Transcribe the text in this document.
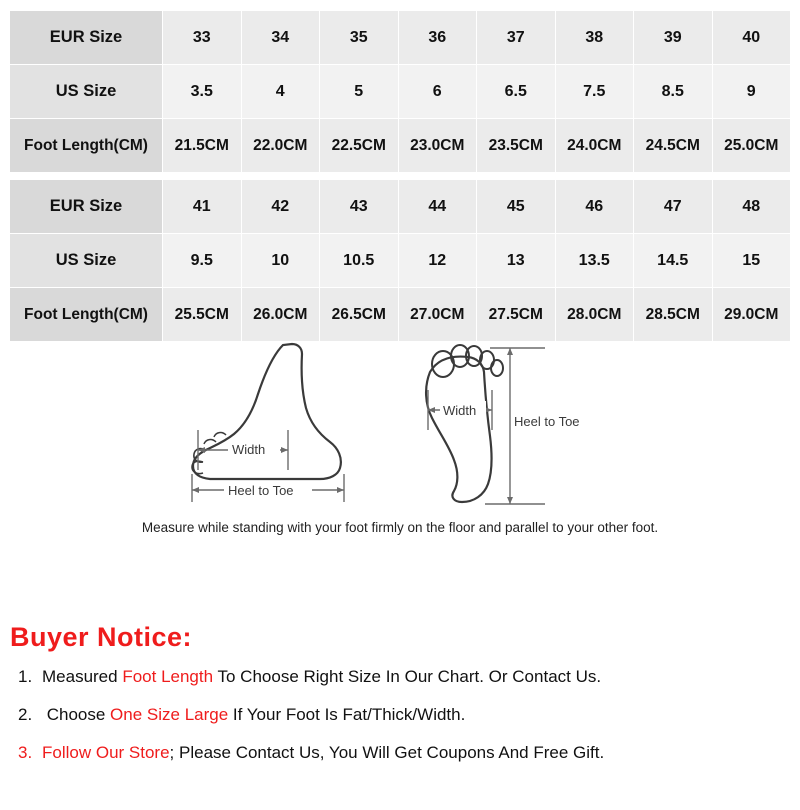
EUR Size	33	34	35	36	37	38	39	40
US Size	3.5	4	5	6	6.5	7.5	8.5	9
Foot Length(CM)	21.5CM	22.0CM	22.5CM	23.0CM	23.5CM	24.0CM	24.5CM	25.0CM

EUR Size	41	42	43	44	45	46	47	48
US Size	9.5	10	10.5	12	13	13.5	14.5	15
Foot Length(CM)	25.5CM	26.0CM	26.5CM	27.0CM	27.5CM	28.0CM	28.5CM	29.0CM
Width
Heel to Toe
Width
Heel to Toe
Measure while standing with your foot firmly on the floor and parallel to your other foot.
Buyer Notice:
1. Measured Foot Length To Choose Right Size In Our Chart. Or Contact Us.
2. Choose One Size Large If Your Foot Is Fat/Thick/Width.
3. Follow Our Store; Please Contact Us, You Will Get Coupons And Free Gift.
